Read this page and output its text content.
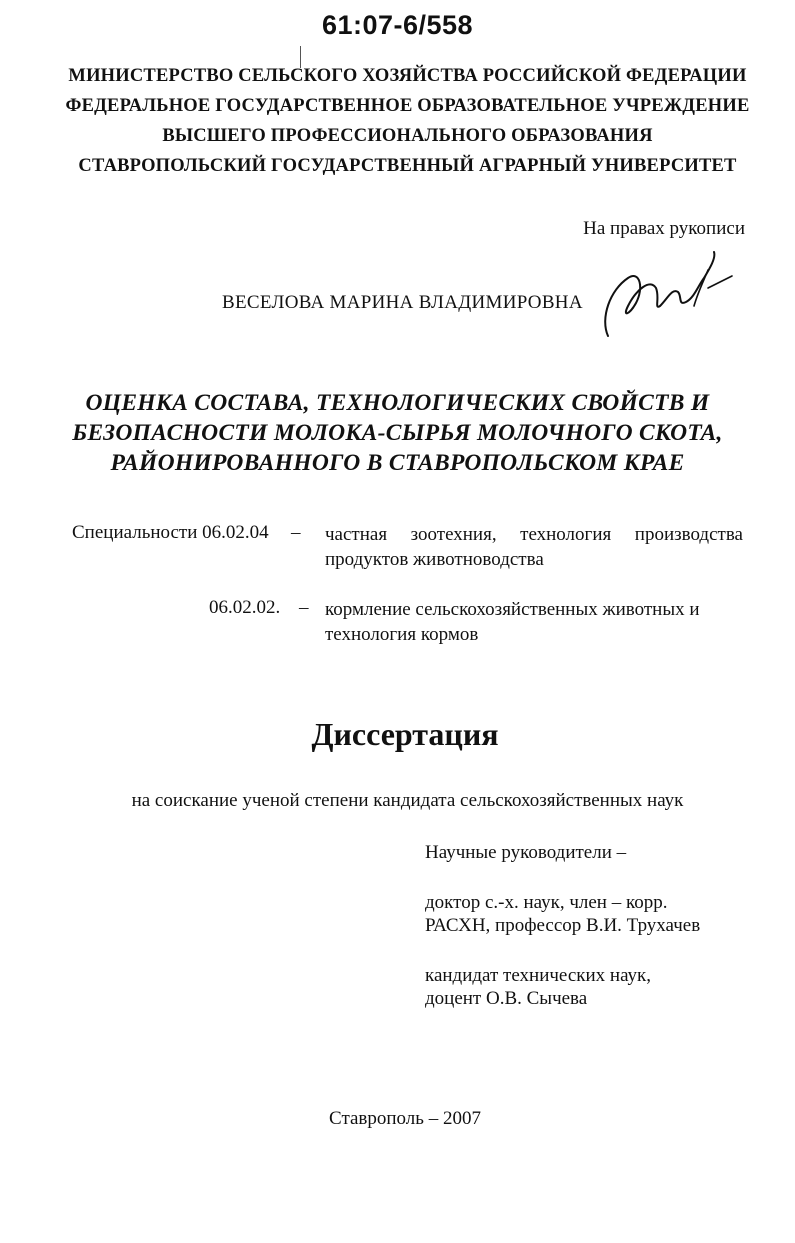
61:07-6/558
МИНИСТЕРСТВО СЕЛЬСКОГО ХОЗЯЙСТВА РОССИЙСКОЙ ФЕДЕРАЦИИ
ФЕДЕРАЛЬНОЕ ГОСУДАРСТВЕННОЕ ОБРАЗОВАТЕЛЬНОЕ УЧРЕЖДЕНИЕ
ВЫСШЕГО ПРОФЕССИОНАЛЬНОГО ОБРАЗОВАНИЯ
СТАВРОПОЛЬСКИЙ ГОСУДАРСТВЕННЫЙ АГРАРНЫЙ УНИВЕРСИТЕТ
На правах рукописи
ВЕСЕЛОВА МАРИНА ВЛАДИМИРОВНА
ОЦЕНКА СОСТАВА, ТЕХНОЛОГИЧЕСКИХ СВОЙСТВ И
БЕЗОПАСНОСТИ МОЛОКА-СЫРЬЯ МОЛОЧНОГО СКОТА,
РАЙОНИРОВАННОГО В СТАВРОПОЛЬСКОМ КРАЕ
Специальности 06.02.04 – частная зоотехния, технология производства
продуктов животноводства
06.02.02. – кормление сельскохозяйственных животных и
технология кормов
Диссертация
на соискание ученой степени кандидата сельскохозяйственных наук
Научные руководители –
доктор с.-х. наук, член – корр.
РАСХН, профессор В.И. Трухачев
кандидат технических наук,
доцент О.В. Сычева
Ставрополь – 2007
